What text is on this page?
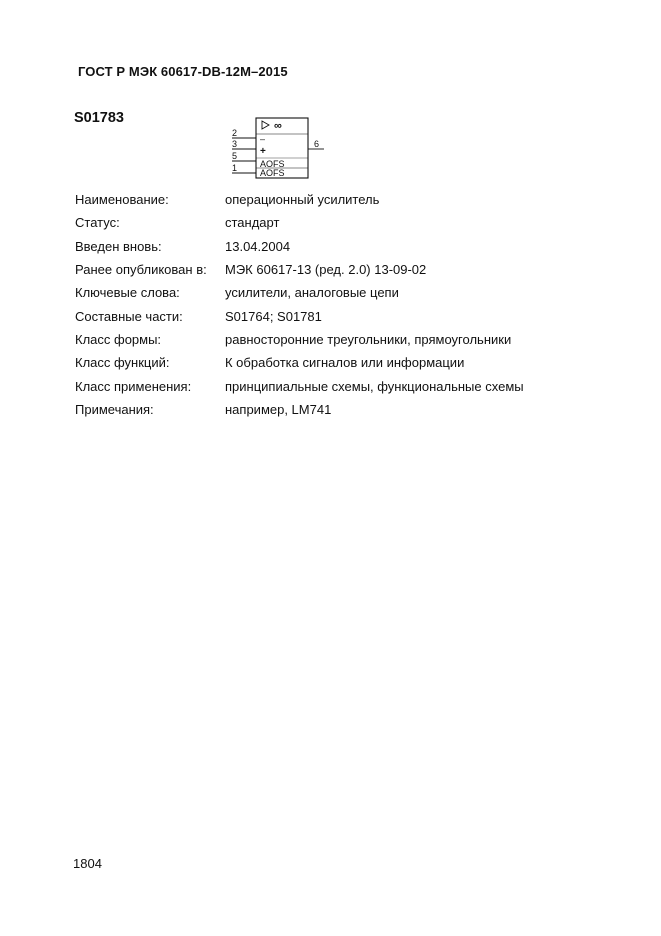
ГОСТ Р МЭК 60617-DB-12M–2015
S01783	∞
–
+
AOFS
AOFS
2
3
5
1
6
Наименование:	операционный усилитель
Статус:	стандарт
Введен вновь:	13.04.2004
Ранее опубликован в:	МЭК 60617-13 (ред. 2.0) 13-09-02
Ключевые слова:	усилители, аналоговые цепи
Составные части:	S01764; S01781
Класс формы:	равносторонние треугольники, прямоугольники
Класс функций:	К обработка сигналов или информации
Класс применения:	принципиальные схемы, функциональные схемы
Примечания:	например, LM741
1804
